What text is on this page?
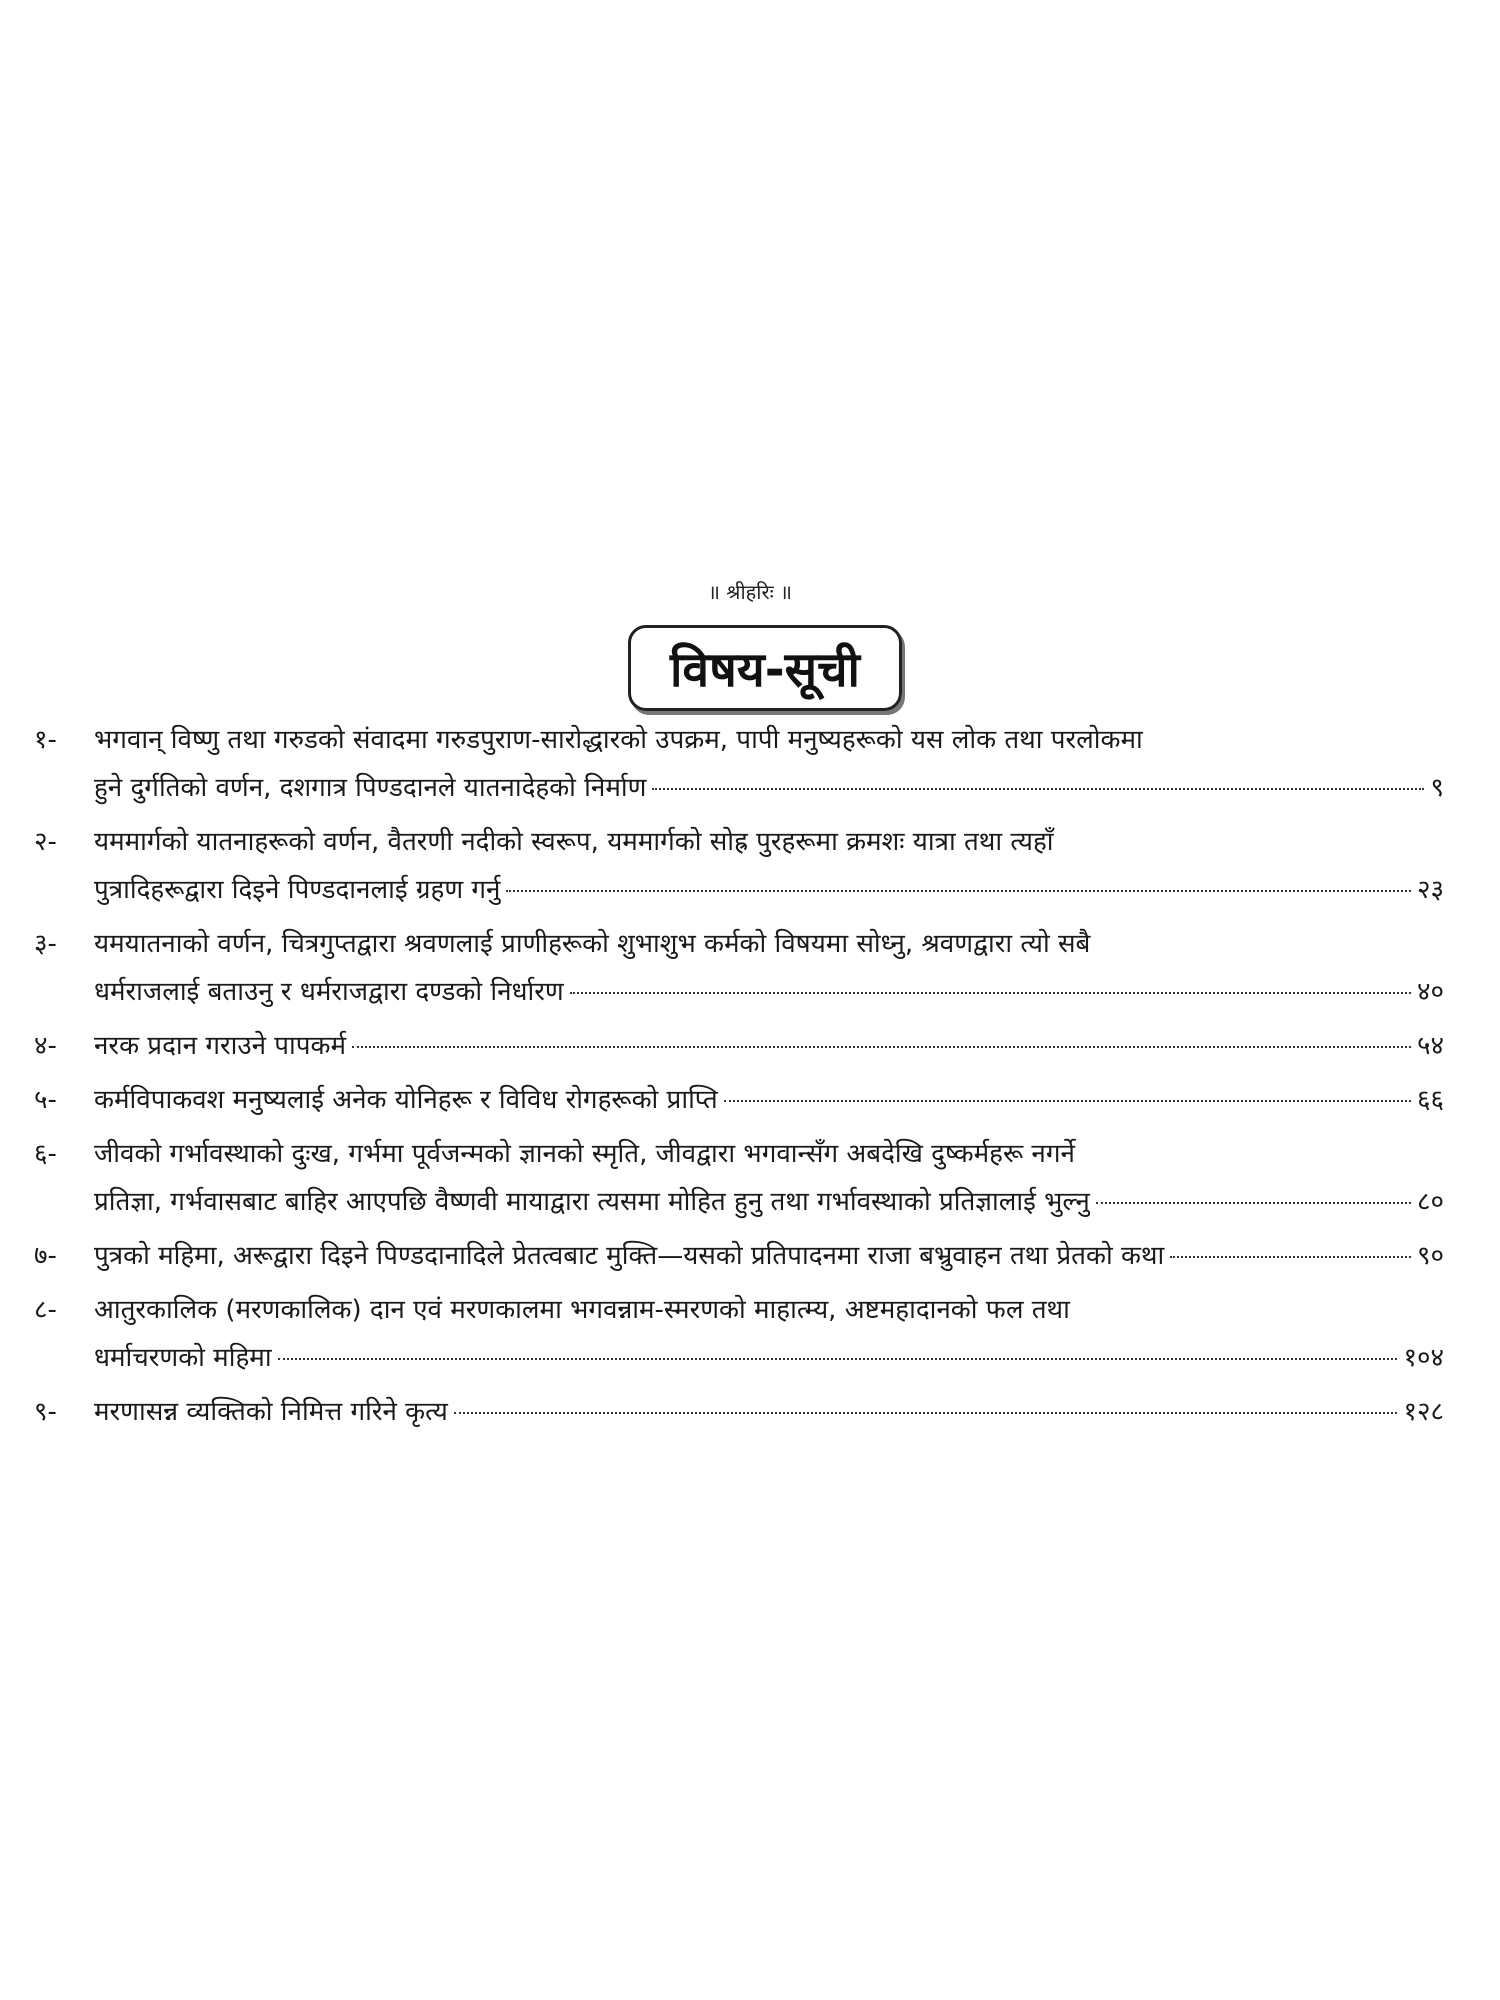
॥ श्रीहरिः ॥
विषय-सूची
१-	भगवान् विष्णु तथा गरुडको संवादमा गरुडपुराण-सारोद्धारको उपक्रम, पापी मनुष्यहरूको यस लोक तथा परलोकमा
हुने दुर्गतिको वर्णन, दशगात्र पिण्डदानले यातनादेहको निर्माण	९
२-	यममार्गको यातनाहरूको वर्णन, वैतरणी नदीको स्वरूप, यममार्गको सोह्र पुरहरूमा क्रमशः यात्रा तथा त्यहाँ
पुत्रादिहरूद्वारा दिइने पिण्डदानलाई ग्रहण गर्नु	२३
३-	यमयातनाको वर्णन, चित्रगुप्तद्वारा श्रवणलाई प्राणीहरूको शुभाशुभ कर्मको विषयमा सोध्नु, श्रवणद्वारा त्यो सबै
धर्मराजलाई बताउनु र धर्मराजद्वारा दण्डको निर्धारण	४०
४-	नरक प्रदान गराउने पापकर्म	५४
५-	कर्मविपाकवश मनुष्यलाई अनेक योनिहरू र विविध रोगहरूको प्राप्ति	६६
६-	जीवको गर्भावस्थाको दुःख, गर्भमा पूर्वजन्मको ज्ञानको स्मृति, जीवद्वारा भगवान्सँग अबदेखि दुष्कर्महरू नगर्ने
प्रतिज्ञा, गर्भवासबाट बाहिर आएपछि वैष्णवी मायाद्वारा त्यसमा मोहित हुनु तथा गर्भावस्थाको प्रतिज्ञालाई भुल्नु	८०
७-	पुत्रको महिमा, अरूद्वारा दिइने पिण्डदानादिले प्रेतत्वबाट मुक्ति—यसको प्रतिपादनमा राजा बभ्रुवाहन तथा प्रेतको कथा	९०
८-	आतुरकालिक (मरणकालिक) दान एवं मरणकालमा भगवन्नाम-स्मरणको माहात्म्य, अष्टमहादानको फल तथा
धर्माचरणको महिमा	१०४
९-	मरणासन्न व्यक्तिको निमित्त गरिने कृत्य	१२८
